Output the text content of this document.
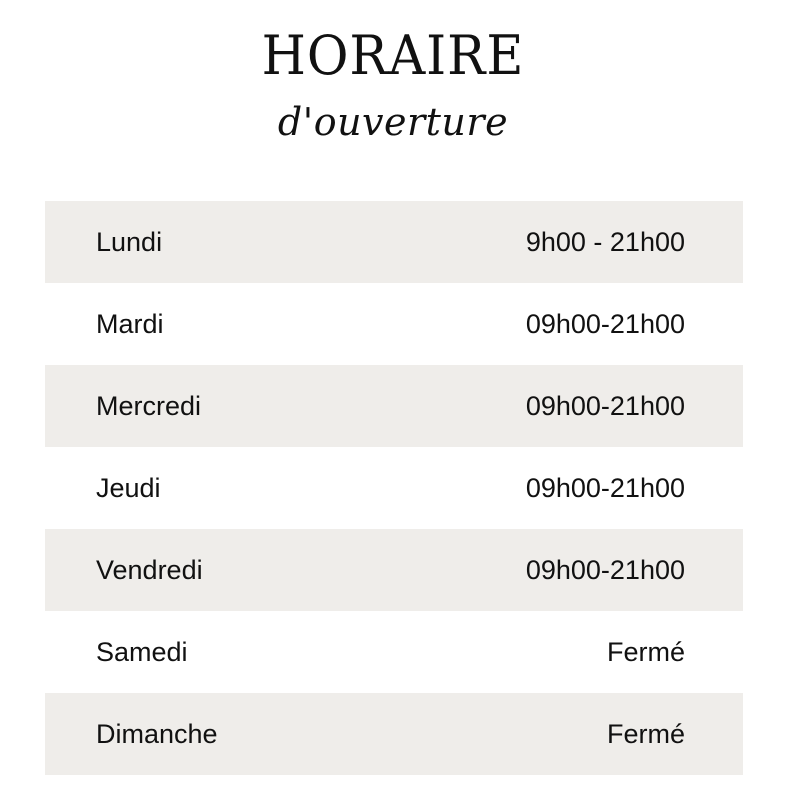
HORAIRE
d'ouverture
Lundi	9h00 - 21h00
Mardi	09h00-21h00
Mercredi	09h00-21h00
Jeudi	09h00-21h00
Vendredi	09h00-21h00
Samedi	Fermé
Dimanche	Fermé
